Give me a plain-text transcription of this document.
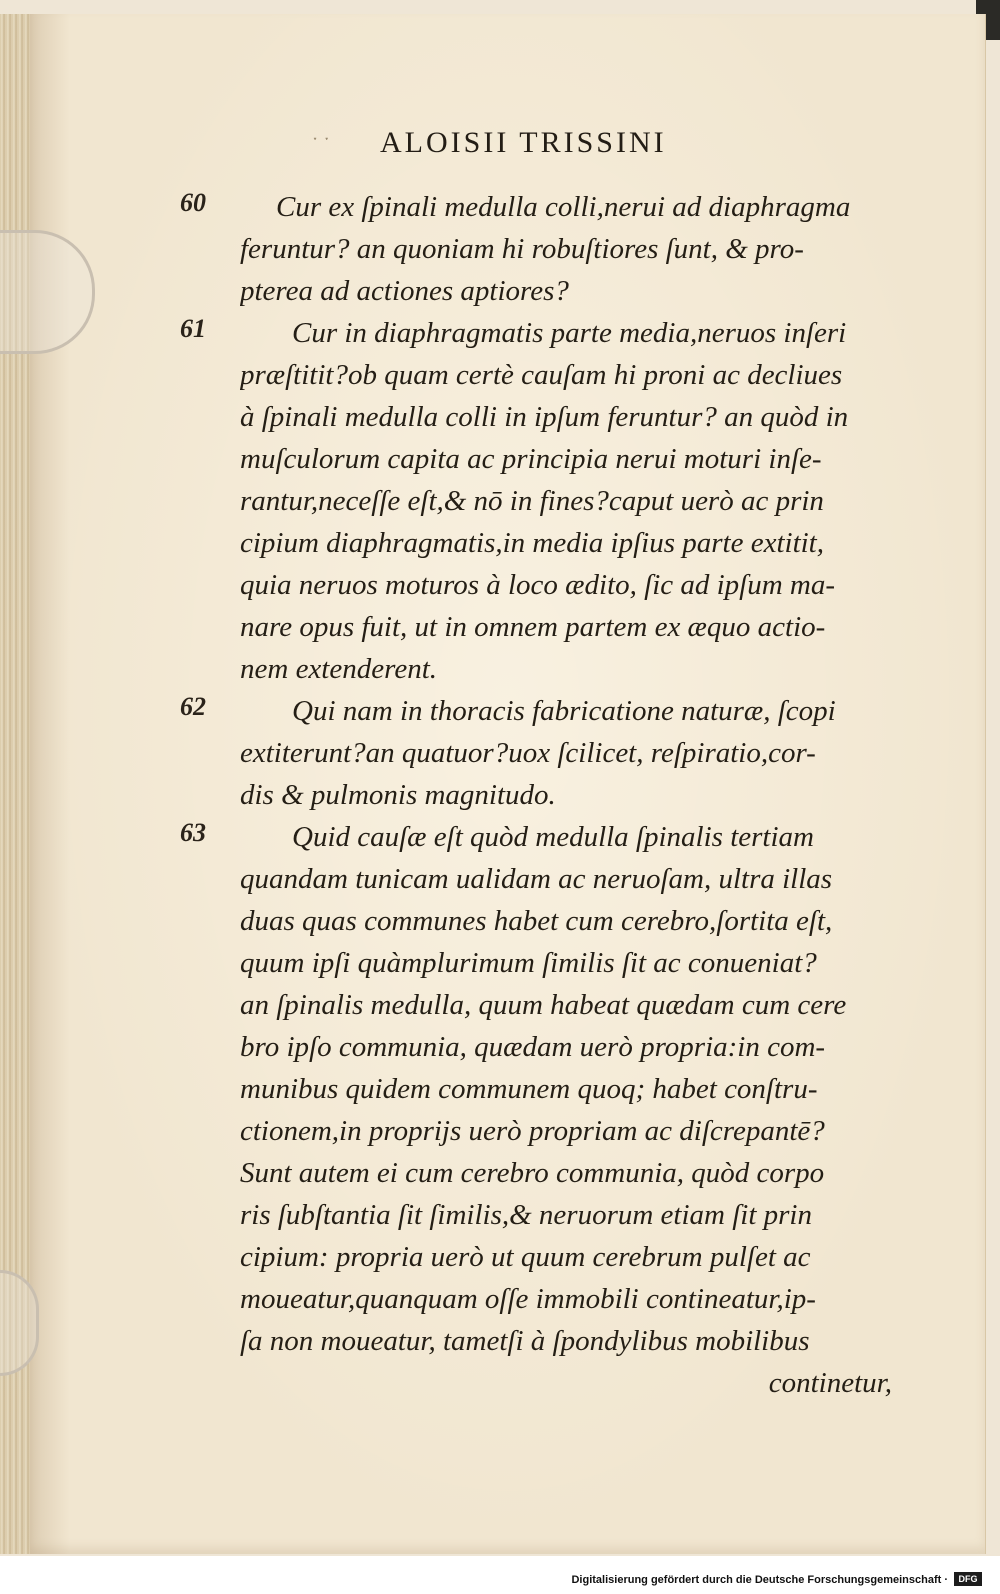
ˑ ˑ ALOISII TRISSINI
60
61
62
63
Cur ex ſpinali medulla colli,nerui ad diaphragma
feruntur? an quoniam hi robuſtiores ſunt, & pro-
pterea ad actiones aptiores?
Cur in diaphragmatis parte media,neruos inſeri
præſtitit?ob quam certè cauſam hi proni ac decliues
à ſpinali medulla colli in ipſum feruntur? an quòd in
muſculorum capita ac principia nerui moturi inſe-
rantur,neceſſe eſt,& nō in fines?caput uerò ac prin
cipium diaphragmatis,in media ipſius parte extitit,
quia neruos moturos à loco ædito, ſic ad ipſum ma-
nare opus fuit, ut in omnem partem ex æquo actio-
nem extenderent.
Qui nam in thoracis fabricatione naturæ, ſcopi
extiterunt?an quatuor?uox ſcilicet, reſpiratio,cor-
dis & pulmonis magnitudo.
Quid cauſæ eſt quòd medulla ſpinalis tertiam
quandam tunicam ualidam ac neruoſam, ultra illas
duas quas communes habet cum cerebro,ſortita eſt,
quum ipſi quàmplurimum ſimilis ſit ac conueniat?
an ſpinalis medulla, quum habeat quædam cum cere
bro ipſo communia, quædam uerò propria:in com-
munibus quidem communem quoq; habet conſtru-
ctionem,in proprijs uerò propriam ac diſcrepantē?
Sunt autem ei cum cerebro communia, quòd corpo
ris ſubſtantia ſit ſimilis,& neruorum etiam ſit prin
cipium: propria uerò ut quum cerebrum pulſet ac
moueatur,quanquam oſſe immobili contineatur,ip-
ſa non moueatur, tametſi à ſpondylibus mobilibus
continetur,
Digitalisierung gefördert durch die Deutsche Forschungsgemeinschaft ·	DFG
